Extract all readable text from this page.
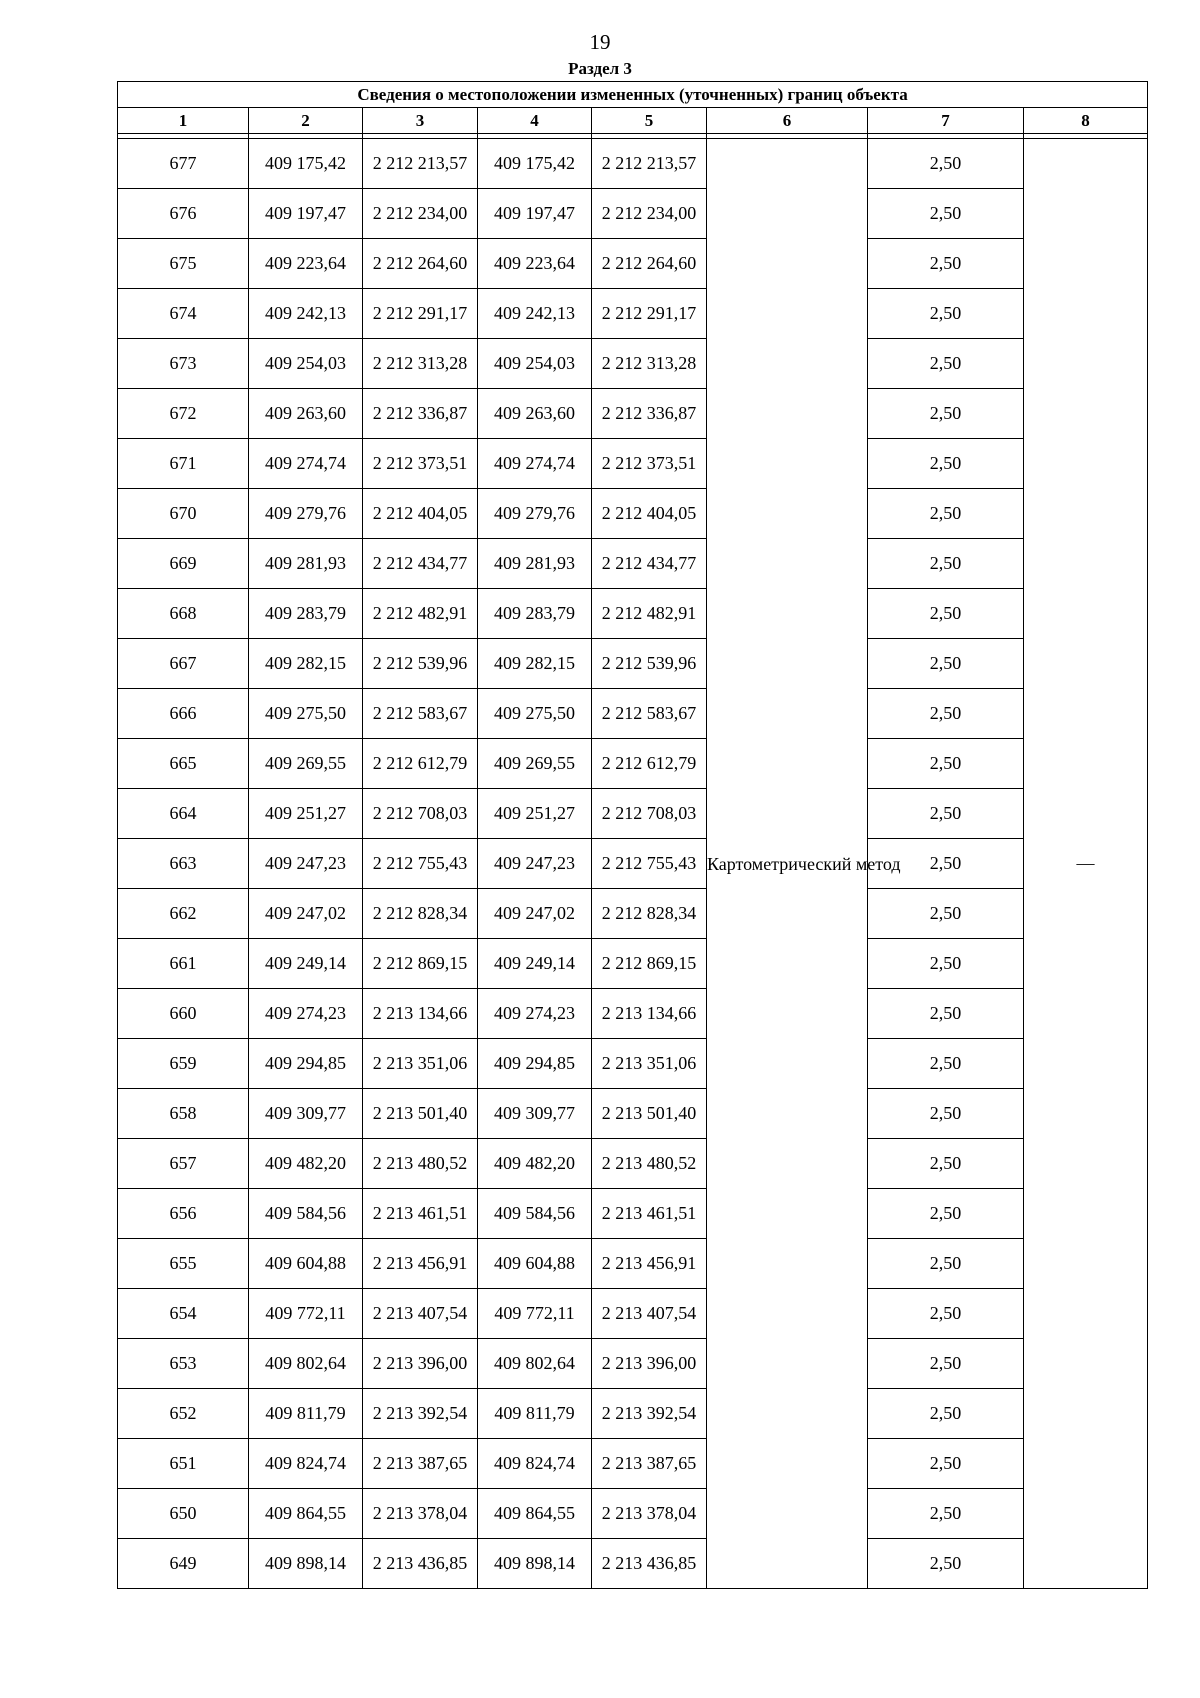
19
Раздел 3
Сведения о местоположении измененных (уточненных) границ объекта							
1	2	3	4	5	6	7	8

677	409 175,42	2 212 213,57	409 175,42	2 212 213,57	Картометрический метод	2,50	—
676	409 197,47	2 212 234,00	409 197,47	2 212 234,00		2,50	
675	409 223,64	2 212 264,60	409 223,64	2 212 264,60		2,50	
674	409 242,13	2 212 291,17	409 242,13	2 212 291,17		2,50	
673	409 254,03	2 212 313,28	409 254,03	2 212 313,28		2,50	
672	409 263,60	2 212 336,87	409 263,60	2 212 336,87		2,50	
671	409 274,74	2 212 373,51	409 274,74	2 212 373,51		2,50	
670	409 279,76	2 212 404,05	409 279,76	2 212 404,05		2,50	
669	409 281,93	2 212 434,77	409 281,93	2 212 434,77		2,50	
668	409 283,79	2 212 482,91	409 283,79	2 212 482,91		2,50	
667	409 282,15	2 212 539,96	409 282,15	2 212 539,96		2,50	
666	409 275,50	2 212 583,67	409 275,50	2 212 583,67		2,50	
665	409 269,55	2 212 612,79	409 269,55	2 212 612,79		2,50	
664	409 251,27	2 212 708,03	409 251,27	2 212 708,03		2,50	
663	409 247,23	2 212 755,43	409 247,23	2 212 755,43		2,50	
662	409 247,02	2 212 828,34	409 247,02	2 212 828,34		2,50	
661	409 249,14	2 212 869,15	409 249,14	2 212 869,15		2,50	
660	409 274,23	2 213 134,66	409 274,23	2 213 134,66		2,50	
659	409 294,85	2 213 351,06	409 294,85	2 213 351,06		2,50	
658	409 309,77	2 213 501,40	409 309,77	2 213 501,40		2,50	
657	409 482,20	2 213 480,52	409 482,20	2 213 480,52		2,50	
656	409 584,56	2 213 461,51	409 584,56	2 213 461,51		2,50	
655	409 604,88	2 213 456,91	409 604,88	2 213 456,91		2,50	
654	409 772,11	2 213 407,54	409 772,11	2 213 407,54		2,50	
653	409 802,64	2 213 396,00	409 802,64	2 213 396,00		2,50	
652	409 811,79	2 213 392,54	409 811,79	2 213 392,54		2,50	
651	409 824,74	2 213 387,65	409 824,74	2 213 387,65		2,50	
650	409 864,55	2 213 378,04	409 864,55	2 213 378,04		2,50	
649	409 898,14	2 213 436,85	409 898,14	2 213 436,85		2,50	
